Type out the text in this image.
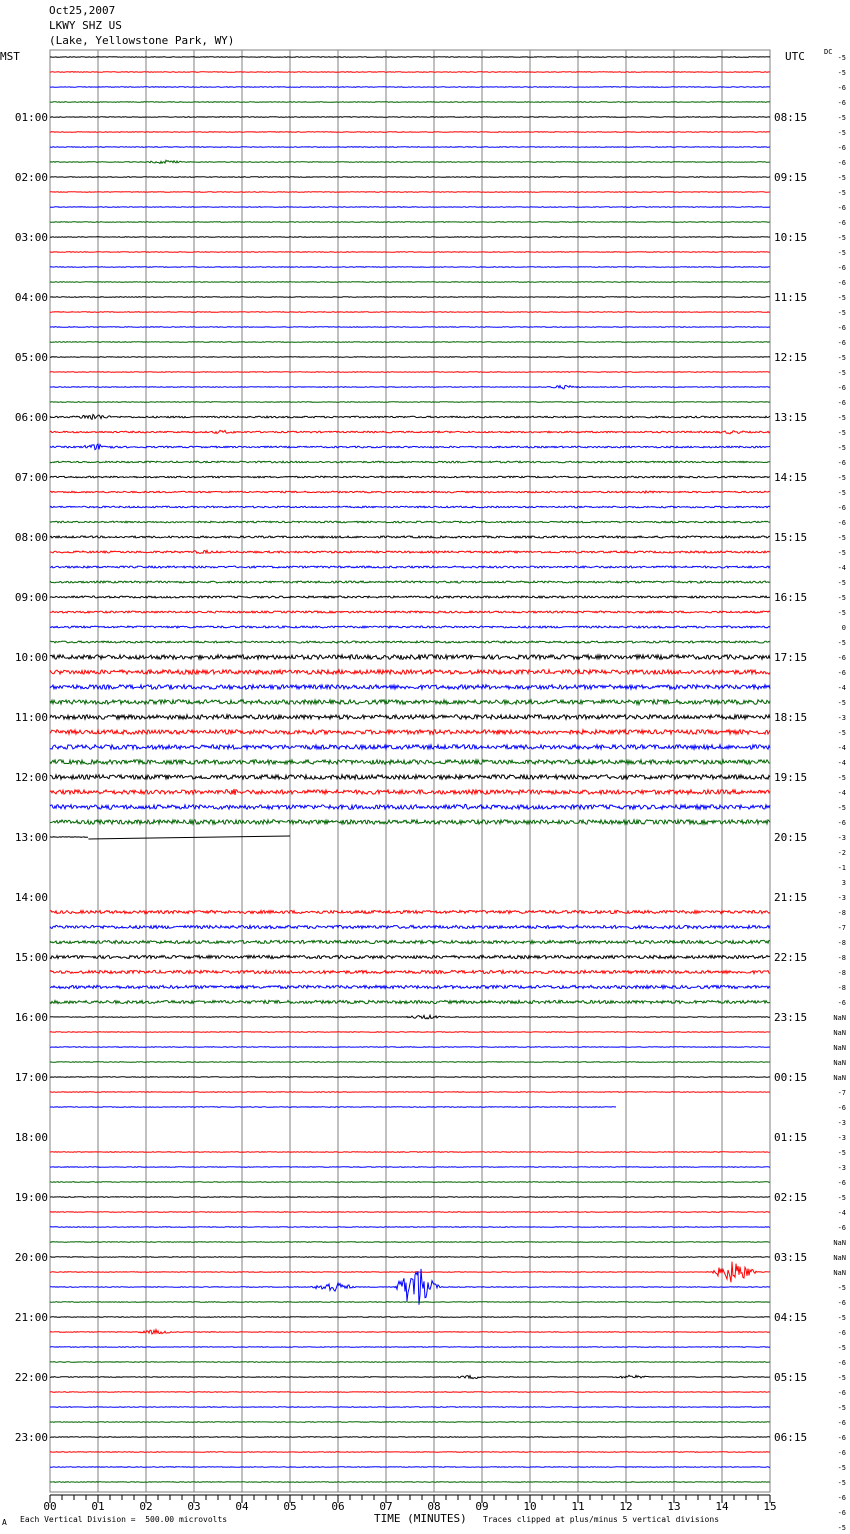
Oct25,2007
LKWY SHZ US
(Lake, Yellowstone Park, WY)
MST	UTC	DC
00	01	02	03	04	05	06	07	08	09	10	11	12	13	14	15
01:00
02:00
03:00
04:00
05:00
06:00
07:00
08:00
09:00
10:00
11:00
12:00
13:00
14:00
15:00
16:00
17:00
18:00
19:00
20:00
21:00
22:00
23:00
08:15
09:15
10:15
11:15
12:15
13:15
14:15
15:15
16:15
17:15
18:15
19:15
20:15
21:15
22:15
23:15
00:15
01:15
02:15
03:15
04:15
05:15
06:15
-5
-5
-6
-6
-5
-5
-6
-6
-5
-5
-6
-6
-5
-5
-6
-6
-5
-5
-6
-6
-5
-5
-6
-6
-5
-5
-5
-6
-5
-5
-6
-6
-5
-5
-4
-5
-5
-5
0
-5
-6
-6
-4
-5
-3
-5
-4
-4
-5
-4
-5
-6
-3
-2
-1
3
-3
-8
-7
-8
-8
-8
-8
-6
NaN
NaN
NaN
NaN
NaN
-7
-6
-3
-3
-5
-3
-6
-5
-4
-6
NaN
NaN
NaN
-5
-6
-5
-6
-5
-6
-5
-6
-5
-6
-6
-6
-5
-5
-6
-6
-5
A Each Vertical Division =  500.00 microvolts	TIME (MINUTES) Traces clipped at plus/minus 5 vertical divisions
